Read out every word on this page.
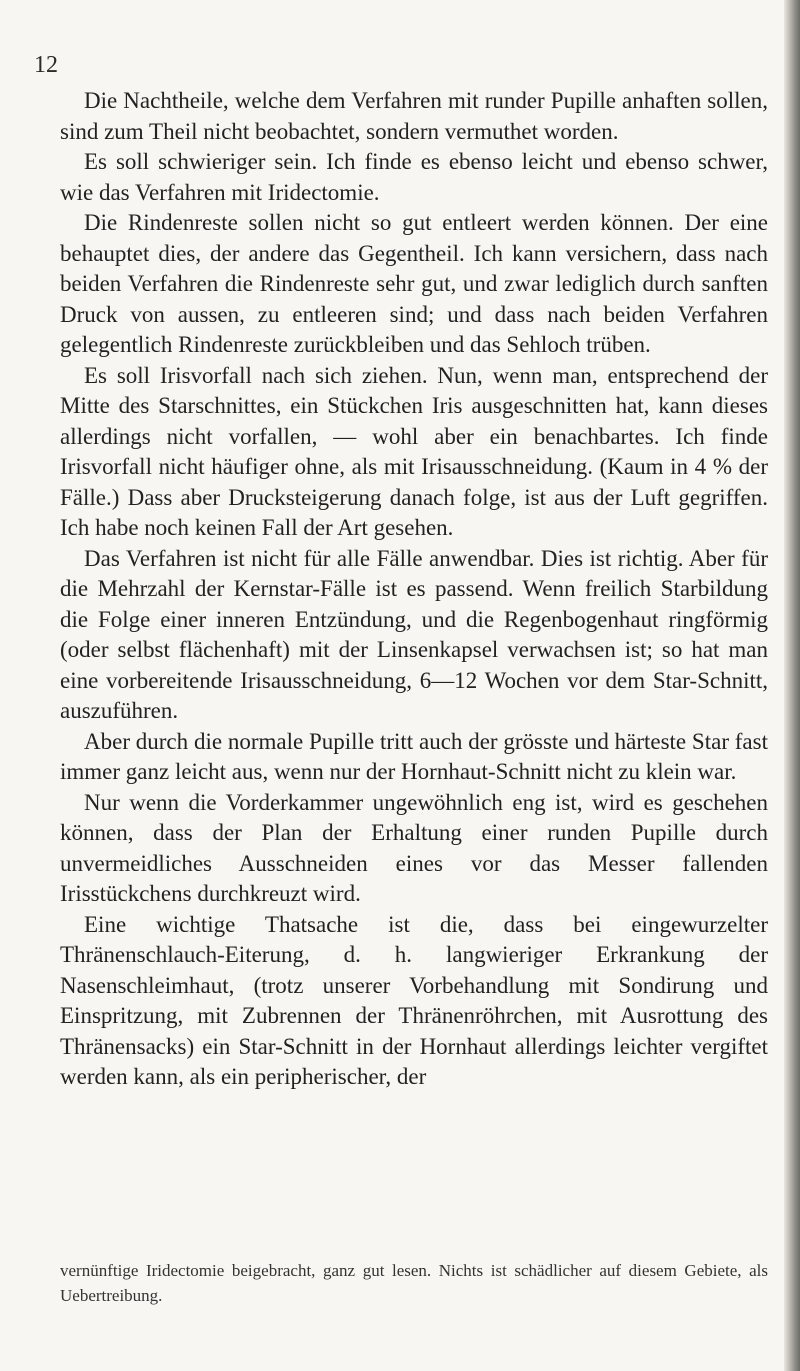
12

Die Nachtheile, welche dem Verfahren mit runder Pupille anhaften sollen, sind zum Theil nicht beobachtet, sondern vermuthet worden.

Es soll schwieriger sein. Ich finde es ebenso leicht und ebenso schwer, wie das Verfahren mit Iridectomie.

Die Rindenreste sollen nicht so gut entleert werden können. Der eine behauptet dies, der andere das Gegentheil. Ich kann versichern, dass nach beiden Verfahren die Rindenreste sehr gut, und zwar lediglich durch sanften Druck von aussen, zu entleeren sind; und dass nach beiden Verfahren gelegentlich Rindenreste zurückbleiben und das Sehloch trüben.

Es soll Irisvorfall nach sich ziehen. Nun, wenn man, entsprechend der Mitte des Starschnittes, ein Stückchen Iris ausgeschnitten hat, kann dieses allerdings nicht vorfallen, — wohl aber ein benachbartes. Ich finde Irisvorfall nicht häufiger ohne, als mit Irisausschneidung. (Kaum in 4 % der Fälle.) Dass aber Drucksteigerung danach folge, ist aus der Luft gegriffen. Ich habe noch keinen Fall der Art gesehen.

Das Verfahren ist nicht für alle Fälle anwendbar. Dies ist richtig. Aber für die Mehrzahl der Kernstar-Fälle ist es passend. Wenn freilich Starbildung die Folge einer inneren Entzündung, und die Regenbogenhaut ringförmig (oder selbst flächenhaft) mit der Linsenkapsel verwachsen ist; so hat man eine vorbereitende Irisausschneidung, 6—12 Wochen vor dem Star-Schnitt, auszuführen.

Aber durch die normale Pupille tritt auch der grösste und härteste Star fast immer ganz leicht aus, wenn nur der Hornhaut-Schnitt nicht zu klein war.

Nur wenn die Vorderkammer ungewöhnlich eng ist, wird es geschehen können, dass der Plan der Erhaltung einer runden Pupille durch unvermeidliches Ausschneiden eines vor das Messer fallenden Irisstückchens durchkreuzt wird.

Eine wichtige Thatsache ist die, dass bei eingewurzelter Thränenschlauch-Eiterung, d. h. langwieriger Erkrankung der Nasenschleimhaut, (trotz unserer Vorbehandlung mit Sondirung und Einspritzung, mit Zubrennen der Thränenröhrchen, mit Ausrottung des Thränensacks) ein Star-Schnitt in der Hornhaut allerdings leichter vergiftet werden kann, als ein peripherischer, der

vernünftige Iridectomie beigebracht, ganz gut lesen. Nichts ist schädlicher auf diesem Gebiete, als Uebertreibung.
